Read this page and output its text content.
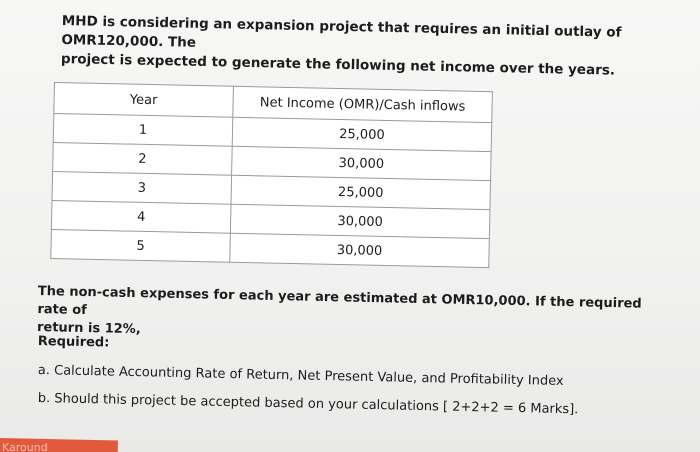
MHD is considering an expansion project that requires an initial outlay of OMR120,000. The
project is expected to generate the following net income over the years.
Year	Net Income (OMR)/Cash inflows
1	25,000
2	30,000
3	25,000
4	30,000
5	30,000
The non-cash expenses for each year are estimated at OMR10,000. If the required rate of
return is 12%,
Required:
a. Calculate Accounting Rate of Return, Net Present Value, and Profitability Index
b. Should this project be accepted based on your calculations [ 2+2+2 = 6 Marks].
Karound
